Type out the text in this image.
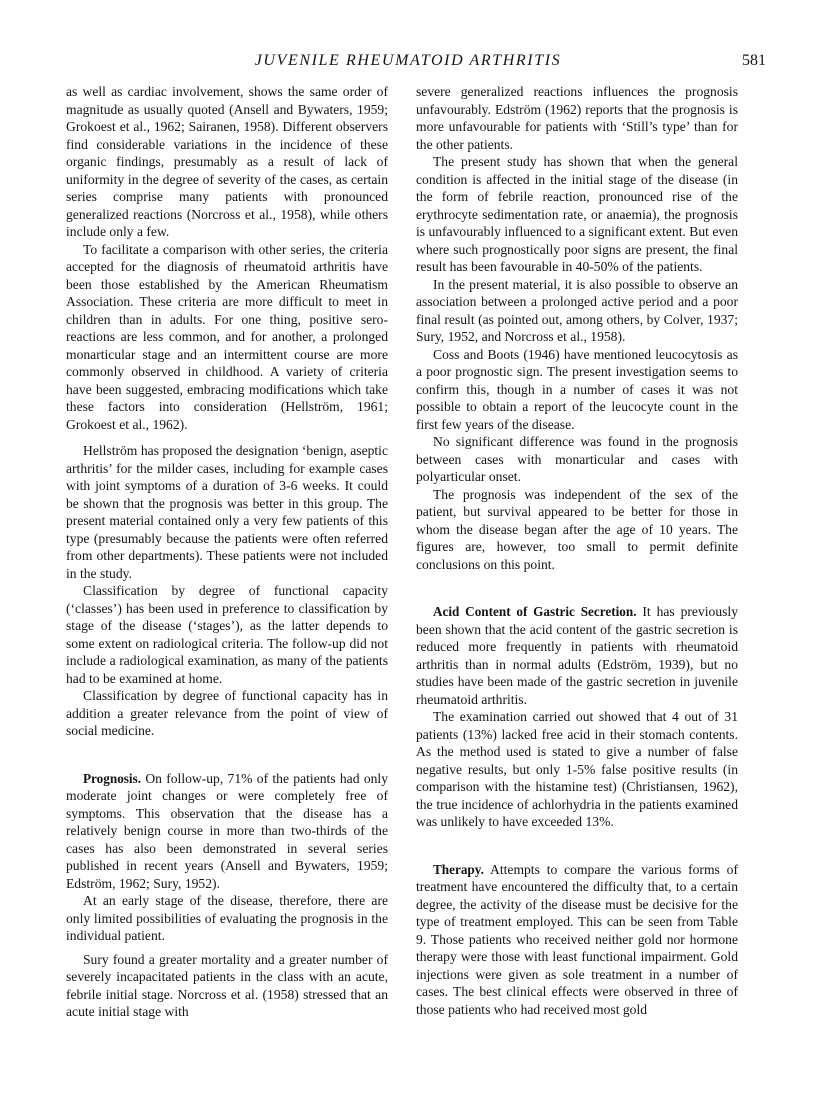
JUVENILE RHEUMATOID ARTHRITIS	581

as well as cardiac involvement, shows the same order of magnitude as usually quoted (Ansell and Bywaters, 1959; Grokoest et al., 1962; Sairanen, 1958). Different observers find considerable variations in the incidence of these organic findings, presumably as a result of lack of uniformity in the degree of severity of the cases, as certain series comprise many patients with pronounced generalized reactions (Norcross et al., 1958), while others include only a few.

To facilitate a comparison with other series, the criteria accepted for the diagnosis of rheumatoid arthritis have been those established by the American Rheumatism Association. These criteria are more difficult to meet in children than in adults. For one thing, positive sero-reactions are less common, and for another, a prolonged monarticular stage and an intermittent course are more commonly observed in childhood. A variety of criteria have been suggested, embracing modifications which take these factors into consideration (Hellström, 1961; Grokoest et al., 1962).

Hellström has proposed the designation ‘benign, aseptic arthritis’ for the milder cases, including for example cases with joint symptoms of a duration of 3-6 weeks. It could be shown that the prognosis was better in this group. The present material contained only a very few patients of this type (presumably because the patients were often referred from other departments). These patients were not included in the study.

Classification by degree of functional capacity (‘classes’) has been used in preference to classification by stage of the disease (‘stages’), as the latter depends to some extent on radiological criteria. The follow-up did not include a radiological examination, as many of the patients had to be examined at home.

Classification by degree of functional capacity has in addition a greater relevance from the point of view of social medicine.

Prognosis. On follow-up, 71% of the patients had only moderate joint changes or were completely free of symptoms. This observation that the disease has a relatively benign course in more than two-thirds of the cases has also been demonstrated in several series published in recent years (Ansell and Bywaters, 1959; Edström, 1962; Sury, 1952).

At an early stage of the disease, therefore, there are only limited possibilities of evaluating the prognosis in the individual patient.

Sury found a greater mortality and a greater number of severely incapacitated patients in the class with an acute, febrile initial stage. Norcross et al. (1958) stressed that an acute initial stage with

severe generalized reactions influences the prognosis unfavourably. Edström (1962) reports that the prognosis is more unfavourable for patients with ‘Still’s type’ than for the other patients.

The present study has shown that when the general condition is affected in the initial stage of the disease (in the form of febrile reaction, pronounced rise of the erythrocyte sedimentation rate, or anaemia), the prognosis is unfavourably influenced to a significant extent. But even where such prognostically poor signs are present, the final result has been favourable in 40-50% of the patients.

In the present material, it is also possible to observe an association between a prolonged active period and a poor final result (as pointed out, among others, by Colver, 1937; Sury, 1952, and Norcross et al., 1958).

Coss and Boots (1946) have mentioned leucocytosis as a poor prognostic sign. The present investigation seems to confirm this, though in a number of cases it was not possible to obtain a report of the leucocyte count in the first few years of the disease.

No significant difference was found in the prognosis between cases with monarticular and cases with polyarticular onset.

The prognosis was independent of the sex of the patient, but survival appeared to be better for those in whom the disease began after the age of 10 years. The figures are, however, too small to permit definite conclusions on this point.

Acid Content of Gastric Secretion. It has previously been shown that the acid content of the gastric secretion is reduced more frequently in patients with rheumatoid arthritis than in normal adults (Edström, 1939), but no studies have been made of the gastric secretion in juvenile rheumatoid arthritis.

The examination carried out showed that 4 out of 31 patients (13%) lacked free acid in their stomach contents. As the method used is stated to give a number of false negative results, but only 1-5% false positive results (in comparison with the histamine test) (Christiansen, 1962), the true incidence of achlorhydria in the patients examined was unlikely to have exceeded 13%.

Therapy. Attempts to compare the various forms of treatment have encountered the difficulty that, to a certain degree, the activity of the disease must be decisive for the type of treatment employed. This can be seen from Table 9. Those patients who received neither gold nor hormone therapy were those with least functional impairment. Gold injections were given as sole treatment in a number of cases. The best clinical effects were observed in three of those patients who had received most gold
